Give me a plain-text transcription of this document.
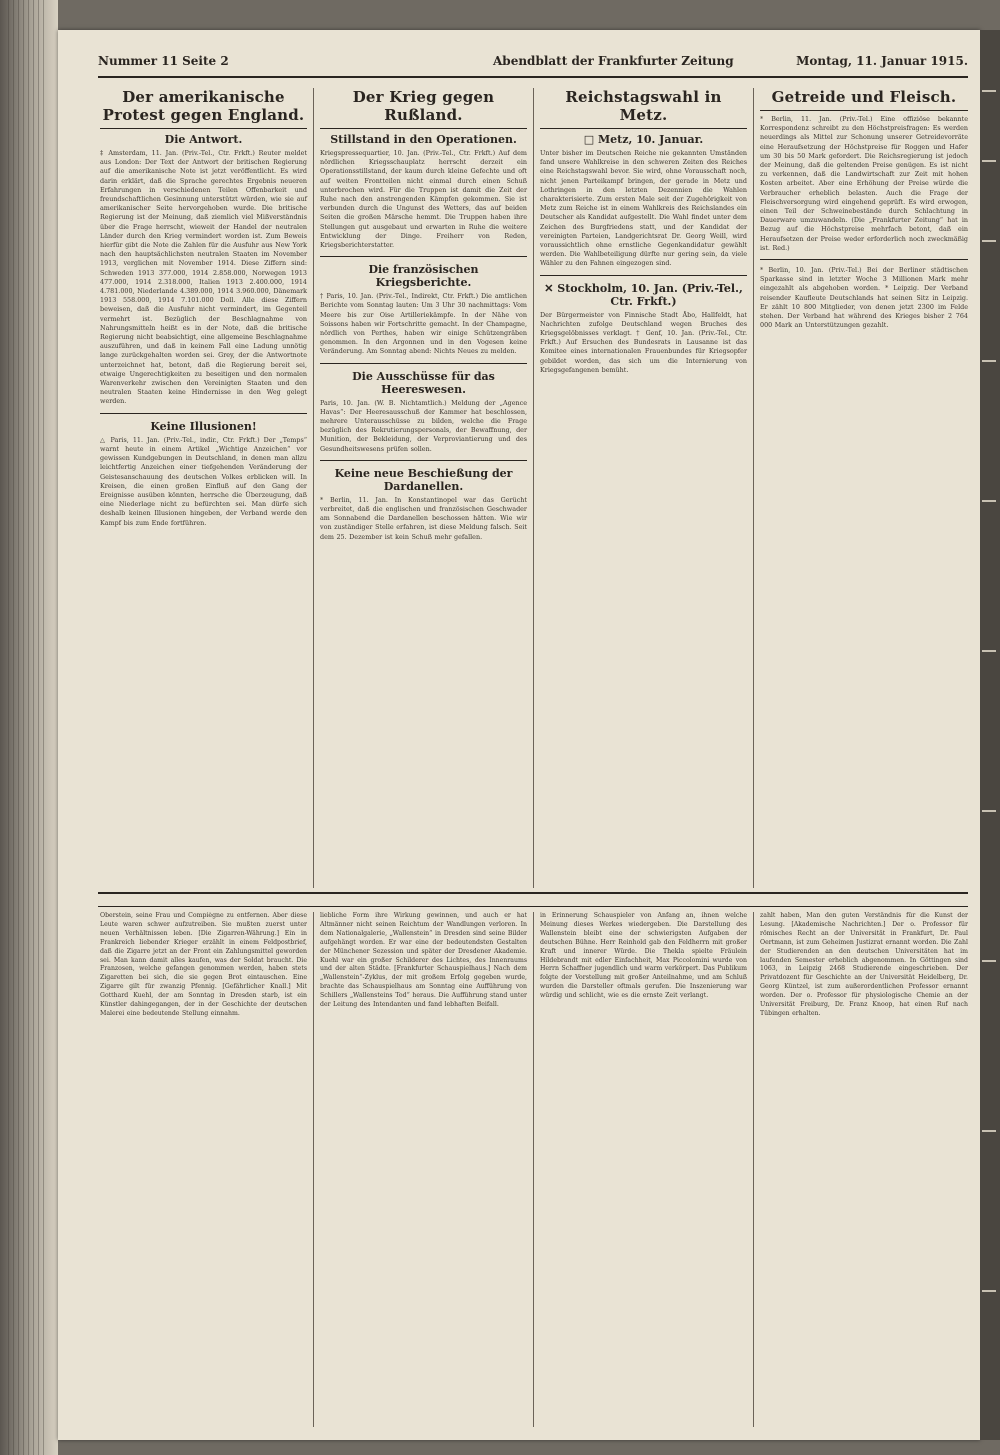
Nummer 11 Seite 2	Abendblatt der Frankfurter Zeitung	Montag, 11. Januar 1915.
Der amerikanische Protest gegen England.
Die Antwort.
‡ Amsterdam, 11. Jan. (Priv.-Tel., Ctr. Frkft.) Reuter meldet aus London: Der Text der Antwort der britischen Regierung auf die amerikanische Note ist jetzt veröffentlicht. Es wird darin erklärt, daß die Sprache gerechtes Ergebnis neueren Erfahrungen in verschiedenen Teilen Offenbarkeit und freundschaftlichen Gesinnung unterstützt würden, wie sie auf amerikanischer Seite hervorgehoben wurde. Die britische Regierung ist der Meinung, daß ziemlich viel Mißverständnis über die Frage herrscht, wieweit der Handel der neutralen Länder durch den Krieg vermindert worden ist. Zum Beweis hierfür gibt die Note die Zahlen für die Ausfuhr aus New York nach den hauptsächlichsten neutralen Staaten im November 1913, verglichen mit November 1914. Diese Ziffern sind: Schweden 1913 377.000, 1914 2.858.000, Norwegen 1913 477.000, 1914 2.318.000, Italien 1913 2.400.000, 1914 4.781.000, Niederlande 4.389.000, 1914 3.960.000, Dänemark 1913 558.000, 1914 7.101.000 Doll. Alle diese Ziffern beweisen, daß die Ausfuhr nicht vermindert, im Gegenteil vermehrt ist. Bezüglich der Beschlagnahme von Nahrungsmitteln heißt es in der Note, daß die britische Regierung nicht beabsichtigt, eine allgemeine Beschlagnahme auszuführen, und daß in keinem Fall eine Ladung unnötig lange zurückgehalten worden sei. Grey, der die Antwortnote unterzeichnet hat, betont, daß die Regierung bereit sei, etwaige Ungerechtigkeiten zu beseitigen und den normalen Warenverkehr zwischen den Vereinigten Staaten und den neutralen Staaten keine Hindernisse in den Weg gelegt werden.
Keine Illusionen!
△ Paris, 11. Jan. (Priv.-Tel., indir., Ctr. Frkft.) Der „Temps“ warnt heute in einem Artikel „Wichtige Anzeichen“ vor gewissen Kundgebungen in Deutschland, in denen man allzu leichtfertig Anzeichen einer tiefgehenden Veränderung der Geistesanschauung des deutschen Volkes erblicken will. In Kreisen, die einen großen Einfluß auf den Gang der Ereignisse ausüben könnten, herrsche die Überzeugung, daß eine Niederlage nicht zu befürchten sei. Man dürfe sich deshalb keinen Illusionen hingeben, der Verband werde den Kampf bis zum Ende fortführen.
Der Krieg gegen Rußland.
Stillstand in den Operationen.
Kriegspressequartier, 10. Jan. (Priv.-Tel., Ctr. Frkft.) Auf dem nördlichen Kriegsschauplatz herrscht derzeit ein Operationsstillstand, der kaum durch kleine Gefechte und oft auf weiten Frontteilen nicht einmal durch einen Schuß unterbrochen wird. Für die Truppen ist damit die Zeit der Ruhe nach den anstrengenden Kämpfen gekommen. Sie ist verbunden durch die Ungunst des Wetters, das auf beiden Seiten die großen Märsche hemmt. Die Truppen haben ihre Stellungen gut ausgebaut und erwarten in Ruhe die weitere Entwicklung der Dinge. Freiherr von Reden, Kriegsberichterstatter.
Die französischen Kriegsberichte.
† Paris, 10. Jan. (Priv.-Tel., Indirekt, Ctr. Frkft.) Die amtlichen Berichte vom Sonntag lauten: Um 3 Uhr 30 nachmittags: Vom Meere bis zur Oise Artilleriekämpfe. In der Nähe von Soissons haben wir Fortschritte gemacht. In der Champagne, nördlich von Perthes, haben wir einige Schützengräben genommen. In den Argonnen und in den Vogesen keine Veränderung. Am Sonntag abend: Nichts Neues zu melden.
Die Ausschüsse für das Heereswesen.
Paris, 10. Jan. (W. B. Nichtamtlich.) Meldung der „Agence Havas“: Der Heeresausschuß der Kammer hat beschlossen, mehrere Unterausschüsse zu bilden, welche die Frage bezüglich des Rekrutierungspersonals, der Bewaffnung, der Munition, der Bekleidung, der Verproviantierung und des Gesundheitswesens prüfen sollen.
Keine neue Beschießung der Dardanellen.
* Berlin, 11. Jan. In Konstantinopel war das Gerücht verbreitet, daß die englischen und französischen Geschwader am Sonnabend die Dardanellen beschossen hätten. Wie wir von zuständiger Stelle erfahren, ist diese Meldung falsch. Seit dem 25. Dezember ist kein Schuß mehr gefallen.
Reichstagswahl in Metz.
□ Metz, 10. Januar.
Unter bisher im Deutschen Reiche nie gekannten Umständen fand unsere Wahlkreise in den schweren Zeiten des Reiches eine Reichstagswahl bevor. Sie wird, ohne Vorausschaft noch, nicht jenen Parteikampf bringen, der gerade in Metz und Lothringen in den letzten Dezennien die Wahlen charakterisierte. Zum ersten Male seit der Zugehörigkeit von Metz zum Reiche ist in einem Wahlkreis des Reichslandes ein Deutscher als Kandidat aufgestellt. Die Wahl findet unter dem Zeichen des Burgfriedens statt, und der Kandidat der vereinigten Parteien, Landgerichtsrat Dr. Georg Weill, wird voraussichtlich ohne ernstliche Gegenkandidatur gewählt werden. Die Wahlbeteiligung dürfte nur gering sein, da viele Wähler zu den Fahnen eingezogen sind.
✕ Stockholm, 10. Jan. (Priv.-Tel., Ctr. Frkft.)
Der Bürgermeister von Finnische Stadt Åbo, Hallfeldt, hat Nachrichten zufolge Deutschland wegen Bruches des Kriegsgelöbnisses verklagt. † Genf, 10. Jan. (Priv.-Tel., Ctr. Frkft.) Auf Ersuchen des Bundesrats in Lausanne ist das Komitee eines internationalen Frauenbundes für Kriegsopfer gebildet worden, das sich um die Internierung von Kriegsgefangenen bemüht.
Getreide und Fleisch.
* Berlin, 11. Jan. (Priv.-Tel.) Eine offiziöse bekannte Korrespondenz schreibt zu den Höchstpreisfragen: Es werden neuerdings als Mittel zur Schonung unserer Getreidevorräte eine Heraufsetzung der Höchstpreise für Roggen und Hafer um 30 bis 50 Mark gefordert. Die Reichsregierung ist jedoch der Meinung, daß die geltenden Preise genügen. Es ist nicht zu verkennen, daß die Landwirtschaft zur Zeit mit hohen Kosten arbeitet. Aber eine Erhöhung der Preise würde die Verbraucher erheblich belasten. Auch die Frage der Fleischversorgung wird eingehend geprüft. Es wird erwogen, einen Teil der Schweinebestände durch Schlachtung in Dauerware umzuwandeln. (Die „Frankfurter Zeitung“ hat in Bezug auf die Höchstpreise mehrfach betont, daß ein Heraufsetzen der Preise weder erforderlich noch zweckmäßig ist. Red.)
* Berlin, 10. Jan. (Priv.-Tel.) Bei der Berliner städtischen Sparkasse sind in letzter Woche 3 Millionen Mark mehr eingezahlt als abgehoben worden. * Leipzig. Der Verband reisender Kaufleute Deutschlands hat seinen Sitz in Leipzig. Er zählt 10 800 Mitglieder, von denen jetzt 2300 im Felde stehen. Der Verband hat während des Krieges bisher 2 764 000 Mark an Unterstützungen gezahlt.
Oberstein, seine Frau und Compiègne zu entfernen. Aber diese Leute waren schwer aufzutreiben. Sie mußten zuerst unter neuen Verhältnissen leben. [Die Zigarren-Währung.] Ein in Frankreich liebender Krieger erzählt in einem Feldpostbrief, daß die Zigarre jetzt an der Front ein Zahlungsmittel geworden sei. Man kann damit alles kaufen, was der Soldat braucht. Die Franzosen, welche gefangen genommen werden, haben stets Zigaretten bei sich, die sie gegen Brot eintauschen. Eine Zigarre gilt für zwanzig Pfennig. [Gefährlicher Knall.] Mit Gotthard Kuehl, der am Sonntag in Dresden starb, ist ein Künstler dahingegangen, der in der Geschichte der deutschen Malerei eine bedeutende Stellung einnahm.
liebliche Form ihre Wirkung gewinnen, und auch er hat Altmänner nicht seinen Reichtum der Wandlungen verloren. In dem Nationalgalerie, „Wallenstein“ in Dresden sind seine Bilder aufgehängt worden. Er war eine der bedeutendsten Gestalten der Münchener Sezession und später der Dresdener Akademie. Kuehl war ein großer Schilderer des Lichtes, des Innenraums und der alten Städte. [Frankfurter Schauspielhaus.] Nach dem „Wallenstein“-Zyklus, der mit großem Erfolg gegeben wurde, brachte das Schauspielhaus am Sonntag eine Aufführung von Schillers „Wallensteins Tod“ heraus. Die Aufführung stand unter der Leitung des Intendanten und fand lebhaften Beifall.
in Erinnerung Schauspieler von Anfang an, ihnen welche Meinung dieses Werkes wiedergeben. Die Darstellung des Wallenstein bleibt eine der schwierigsten Aufgaben der deutschen Bühne. Herr Reinhold gab den Feldherrn mit großer Kraft und innerer Würde. Die Thekla spielte Fräulein Hildebrandt mit edler Einfachheit, Max Piccolomini wurde von Herrn Schaffner jugendlich und warm verkörpert. Das Publikum folgte der Vorstellung mit großer Anteilnahme, und am Schluß wurden die Darsteller oftmals gerufen. Die Inszenierung war würdig und schlicht, wie es die ernste Zeit verlangt.
zahlt haben, Man den guten Verständnis für die Kunst der Lesung. [Akademische Nachrichten.] Der o. Professor für römisches Recht an der Universität in Frankfurt, Dr. Paul Oertmann, ist zum Geheimen Justizrat ernannt worden. Die Zahl der Studierenden an den deutschen Universitäten hat im laufenden Semester erheblich abgenommen. In Göttingen sind 1063, in Leipzig 2468 Studierende eingeschrieben. Der Privatdozent für Geschichte an der Universität Heidelberg, Dr. Georg Küntzel, ist zum außerordentlichen Professor ernannt worden. Der o. Professor für physiologische Chemie an der Universität Freiburg, Dr. Franz Knoop, hat einen Ruf nach Tübingen erhalten.
